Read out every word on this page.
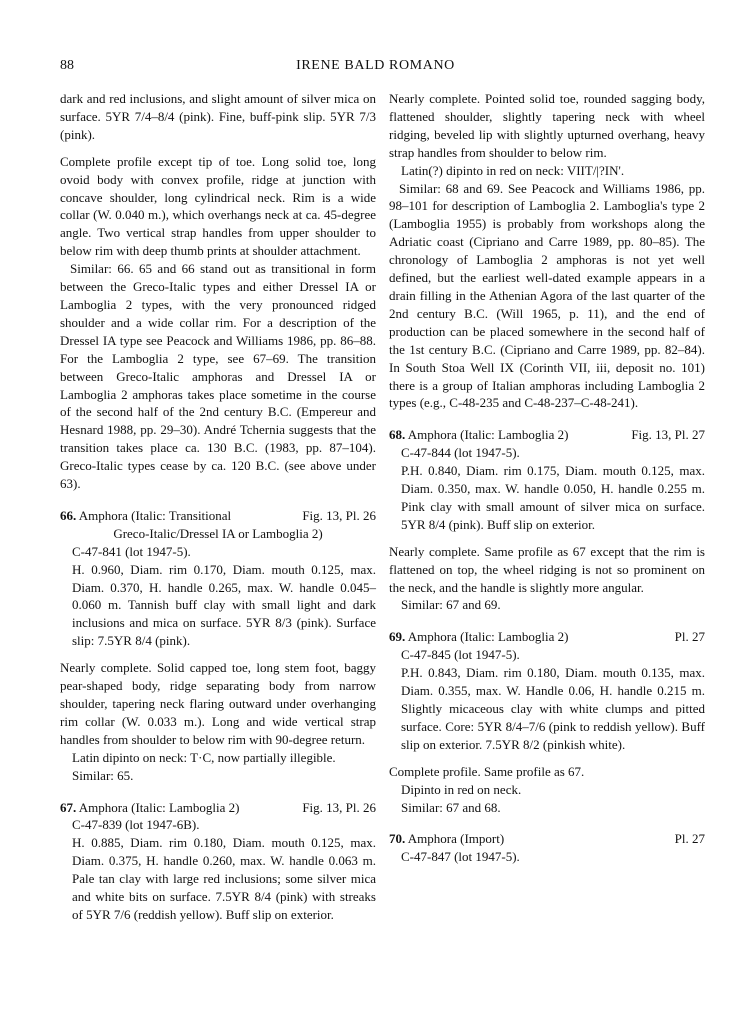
88	IRENE BALD ROMANO

dark and red inclusions, and slight amount of silver mica on surface. 5YR 7/4–8/4 (pink). Fine, buff-pink slip. 5YR 7/3 (pink).

Complete profile except tip of toe. Long solid toe, long ovoid body with convex profile, ridge at junction with concave shoulder, long cylindrical neck. Rim is a wide collar (W. 0.040 m.), which overhangs neck at ca. 45-degree angle. Two vertical strap handles from upper shoulder to below rim with deep thumb prints at shoulder attachment.

Similar: 66. 65 and 66 stand out as transitional in form between the Greco-Italic types and either Dressel IA or Lamboglia 2 types, with the very pronounced ridged shoulder and a wide collar rim. For a description of the Dressel IA type see Peacock and Williams 1986, pp. 86–88. For the Lamboglia 2 type, see 67–69. The transition between Greco-Italic amphoras and Dressel IA or Lamboglia 2 amphoras takes place sometime in the course of the second half of the 2nd century B.C. (Empereur and Hesnard 1988, pp. 29–30). André Tchernia suggests that the transition takes place ca. 130 B.C. (1983, pp. 87–104). Greco-Italic types cease by ca. 120 B.C. (see above under 63).

66. Amphora (Italic: Transitional	Fig. 13, Pl. 26

Greco-Italic/Dressel IA or Lamboglia 2)

C-47-841 (lot 1947-5).

H. 0.960, Diam. rim 0.170, Diam. mouth 0.125, max. Diam. 0.370, H. handle 0.265, max. W. handle 0.045–0.060 m. Tannish buff clay with small light and dark inclusions and mica on surface. 5YR 8/3 (pink). Surface slip: 7.5YR 8/4 (pink).

Nearly complete. Solid capped toe, long stem foot, baggy pear-shaped body, ridge separating body from narrow shoulder, tapering neck flaring outward under overhanging rim collar (W. 0.033 m.). Long and wide vertical strap handles from shoulder to below rim with 90-degree return.

Latin dipinto on neck: T·C, now partially illegible.

Similar: 65.

67. Amphora (Italic: Lamboglia 2)	Fig. 13, Pl. 26

C-47-839 (lot 1947-6B).

H. 0.885, Diam. rim 0.180, Diam. mouth 0.125, max. Diam. 0.375, H. handle 0.260, max. W. handle 0.063 m. Pale tan clay with large red inclusions; some silver mica and white bits on surface. 7.5YR 8/4 (pink) with streaks of 5YR 7/6 (reddish yellow). Buff slip on exterior.

Nearly complete. Pointed solid toe, rounded sagging body, flattened shoulder, slightly tapering neck with wheel ridging, beveled lip with slightly upturned overhang, heavy strap handles from shoulder to below rim.

Latin(?) dipinto in red on neck: VIIT/|?IN'.

Similar: 68 and 69. See Peacock and Williams 1986, pp. 98–101 for description of Lamboglia 2. Lamboglia's type 2 (Lamboglia 1955) is probably from workshops along the Adriatic coast (Cipriano and Carre 1989, pp. 80–85). The chronology of Lamboglia 2 amphoras is not yet well defined, but the earliest well-dated example appears in a drain filling in the Athenian Agora of the last quarter of the 2nd century B.C. (Will 1965, p. 11), and the end of production can be placed somewhere in the second half of the 1st century B.C. (Cipriano and Carre 1989, pp. 82–84). In South Stoa Well IX (Corinth VII, iii, deposit no. 101) there is a group of Italian amphoras including Lamboglia 2 types (e.g., C-48-235 and C-48-237–C-48-241).

68. Amphora (Italic: Lamboglia 2)	Fig. 13, Pl. 27

C-47-844 (lot 1947-5).

P.H. 0.840, Diam. rim 0.175, Diam. mouth 0.125, max. Diam. 0.350, max. W. handle 0.050, H. handle 0.255 m. Pink clay with small amount of silver mica on surface. 5YR 8/4 (pink). Buff slip on exterior.

Nearly complete. Same profile as 67 except that the rim is flattened on top, the wheel ridging is not so prominent on the neck, and the handle is slightly more angular.

Similar: 67 and 69.

69. Amphora (Italic: Lamboglia 2)	Pl. 27

C-47-845 (lot 1947-5).

P.H. 0.843, Diam. rim 0.180, Diam. mouth 0.135, max. Diam. 0.355, max. W. Handle 0.06, H. handle 0.215 m. Slightly micaceous clay with white clumps and pitted surface. Core: 5YR 8/4–7/6 (pink to reddish yellow). Buff slip on exterior. 7.5YR 8/2 (pinkish white).

Complete profile. Same profile as 67.

Dipinto in red on neck.

Similar: 67 and 68.

70. Amphora (Import)	Pl. 27

C-47-847 (lot 1947-5).
